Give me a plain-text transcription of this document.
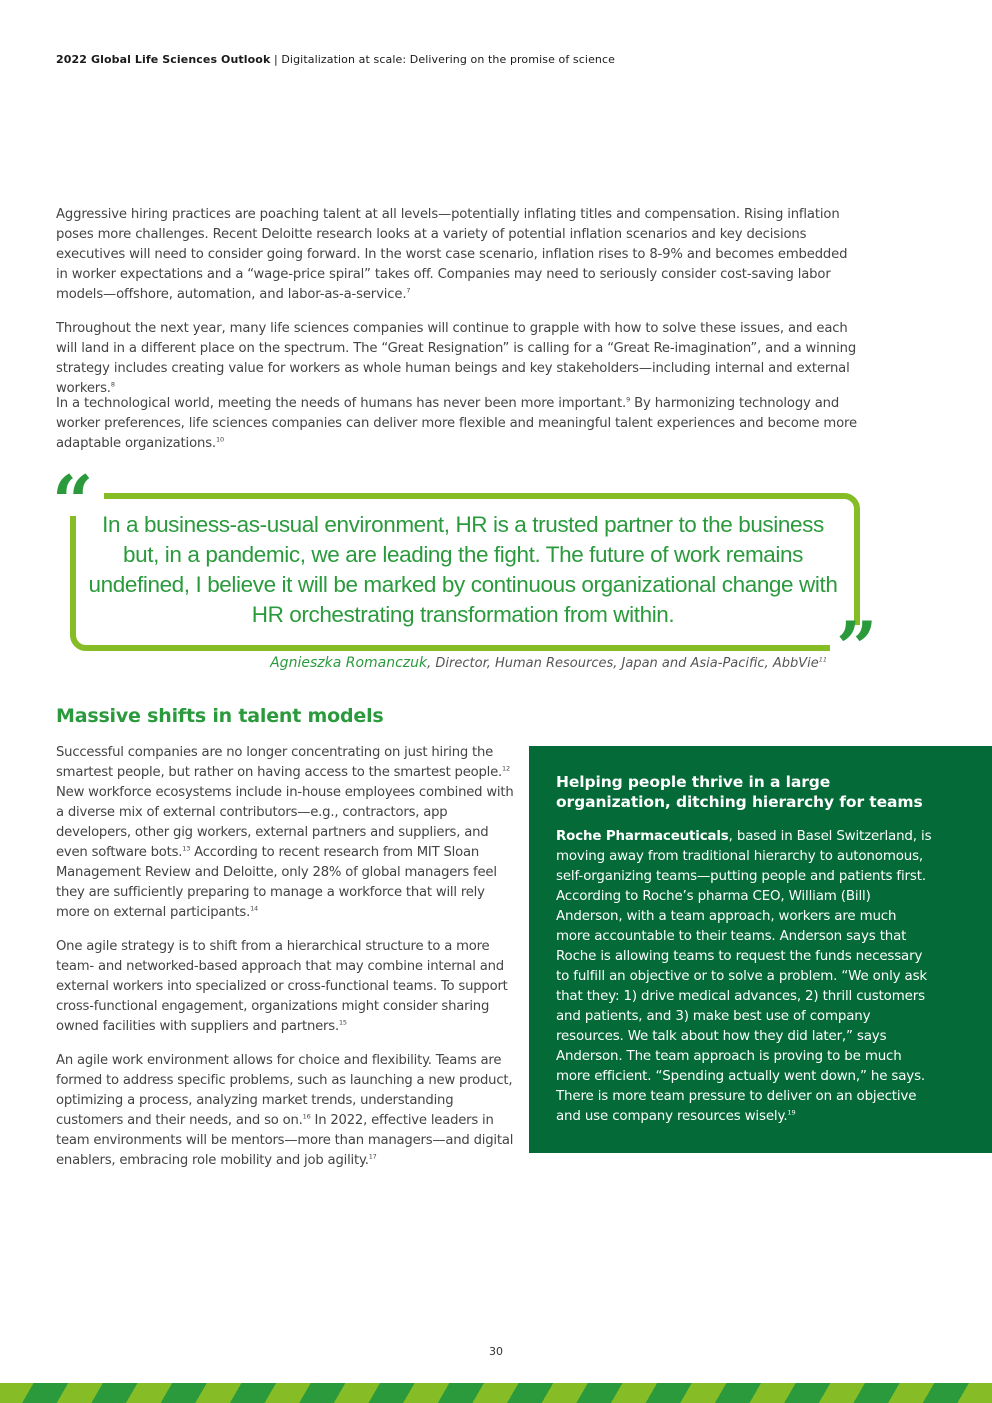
2022 Global Life Sciences Outlook | Digitalization at scale: Delivering on the promise of science

Aggressive hiring practices are poaching talent at all levels—potentially inflating titles and compensation. Rising inflation poses more challenges. Recent Deloitte research looks at a variety of potential inflation scenarios and key decisions executives will need to consider going forward. In the worst case scenario, inflation rises to 8-9% and becomes embedded in worker expectations and a “wage-price spiral” takes off. Companies may need to seriously consider cost-saving labor models—offshore, automation, and labor-as-a-service.$^7$

Throughout the next year, many life sciences companies will continue to grapple with how to solve these issues, and each will land in a different place on the spectrum. The “Great Resignation” is calling for a “Great Re-imagination”, and a winning strategy includes creating value for workers as whole human beings and key stakeholders—including internal and external workers.$^8$

In a technological world, meeting the needs of humans has never been more important.$^9$ By harmonizing technology and worker preferences, life sciences companies can deliver more flexible and meaningful talent experiences and become more adaptable organizations.$^{10}$

“
”
In a business-as-usual environment, HR is a trusted partner to the business but, in a pandemic, we are leading the fight. The future of work remains undefined, I believe it will be marked by continuous organizational change with HR orchestrating transformation from within.
Agnieszka Romanczuk, Director, Human Resources, Japan and Asia-Pacific, AbbVie$^{11}$
Massive shifts in talent models

Successful companies are no longer concentrating on just hiring the smartest people, but rather on having access to the smartest people.$^{12}$ New workforce ecosystems include in-house employees combined with a diverse mix of external contributors—e.g., contractors, app developers, other gig workers, external partners and suppliers, and even software bots.$^{13}$ According to recent research from MIT Sloan Management Review and Deloitte, only 28% of global managers feel they are sufficiently preparing to manage a workforce that will rely more on external participants.$^{14}$

One agile strategy is to shift from a hierarchical structure to a more team- and networked-based approach that may combine internal and external workers into specialized or cross-functional teams. To support cross-functional engagement, organizations might consider sharing owned facilities with suppliers and partners.$^{15}$

An agile work environment allows for choice and flexibility. Teams are formed to address specific problems, such as launching a new product, optimizing a process, analyzing market trends, understanding customers and their needs, and so on.$^{16}$ In 2022, effective leaders in team environments will be mentors—more than managers—and digital enablers, embracing role mobility and job agility.$^{17}$

Helping people thrive in a large organization, ditching hierarchy for teams

Roche Pharmaceuticals, based in Basel Switzerland, is moving away from traditional hierarchy to autonomous, self-organizing teams—putting people and patients first. According to Roche’s pharma CEO, William (Bill) Anderson, with a team approach, workers are much more accountable to their teams. Anderson says that Roche is allowing teams to request the funds necessary to fulfill an objective or to solve a problem. “We only ask that they: 1) drive medical advances, 2) thrill customers and patients, and 3) make best use of company resources. We talk about how they did later,” says Anderson. The team approach is proving to be much more efficient. “Spending actually went down,” he says. There is more team pressure to deliver on an objective and use company resources wisely.$^{19}$

30
